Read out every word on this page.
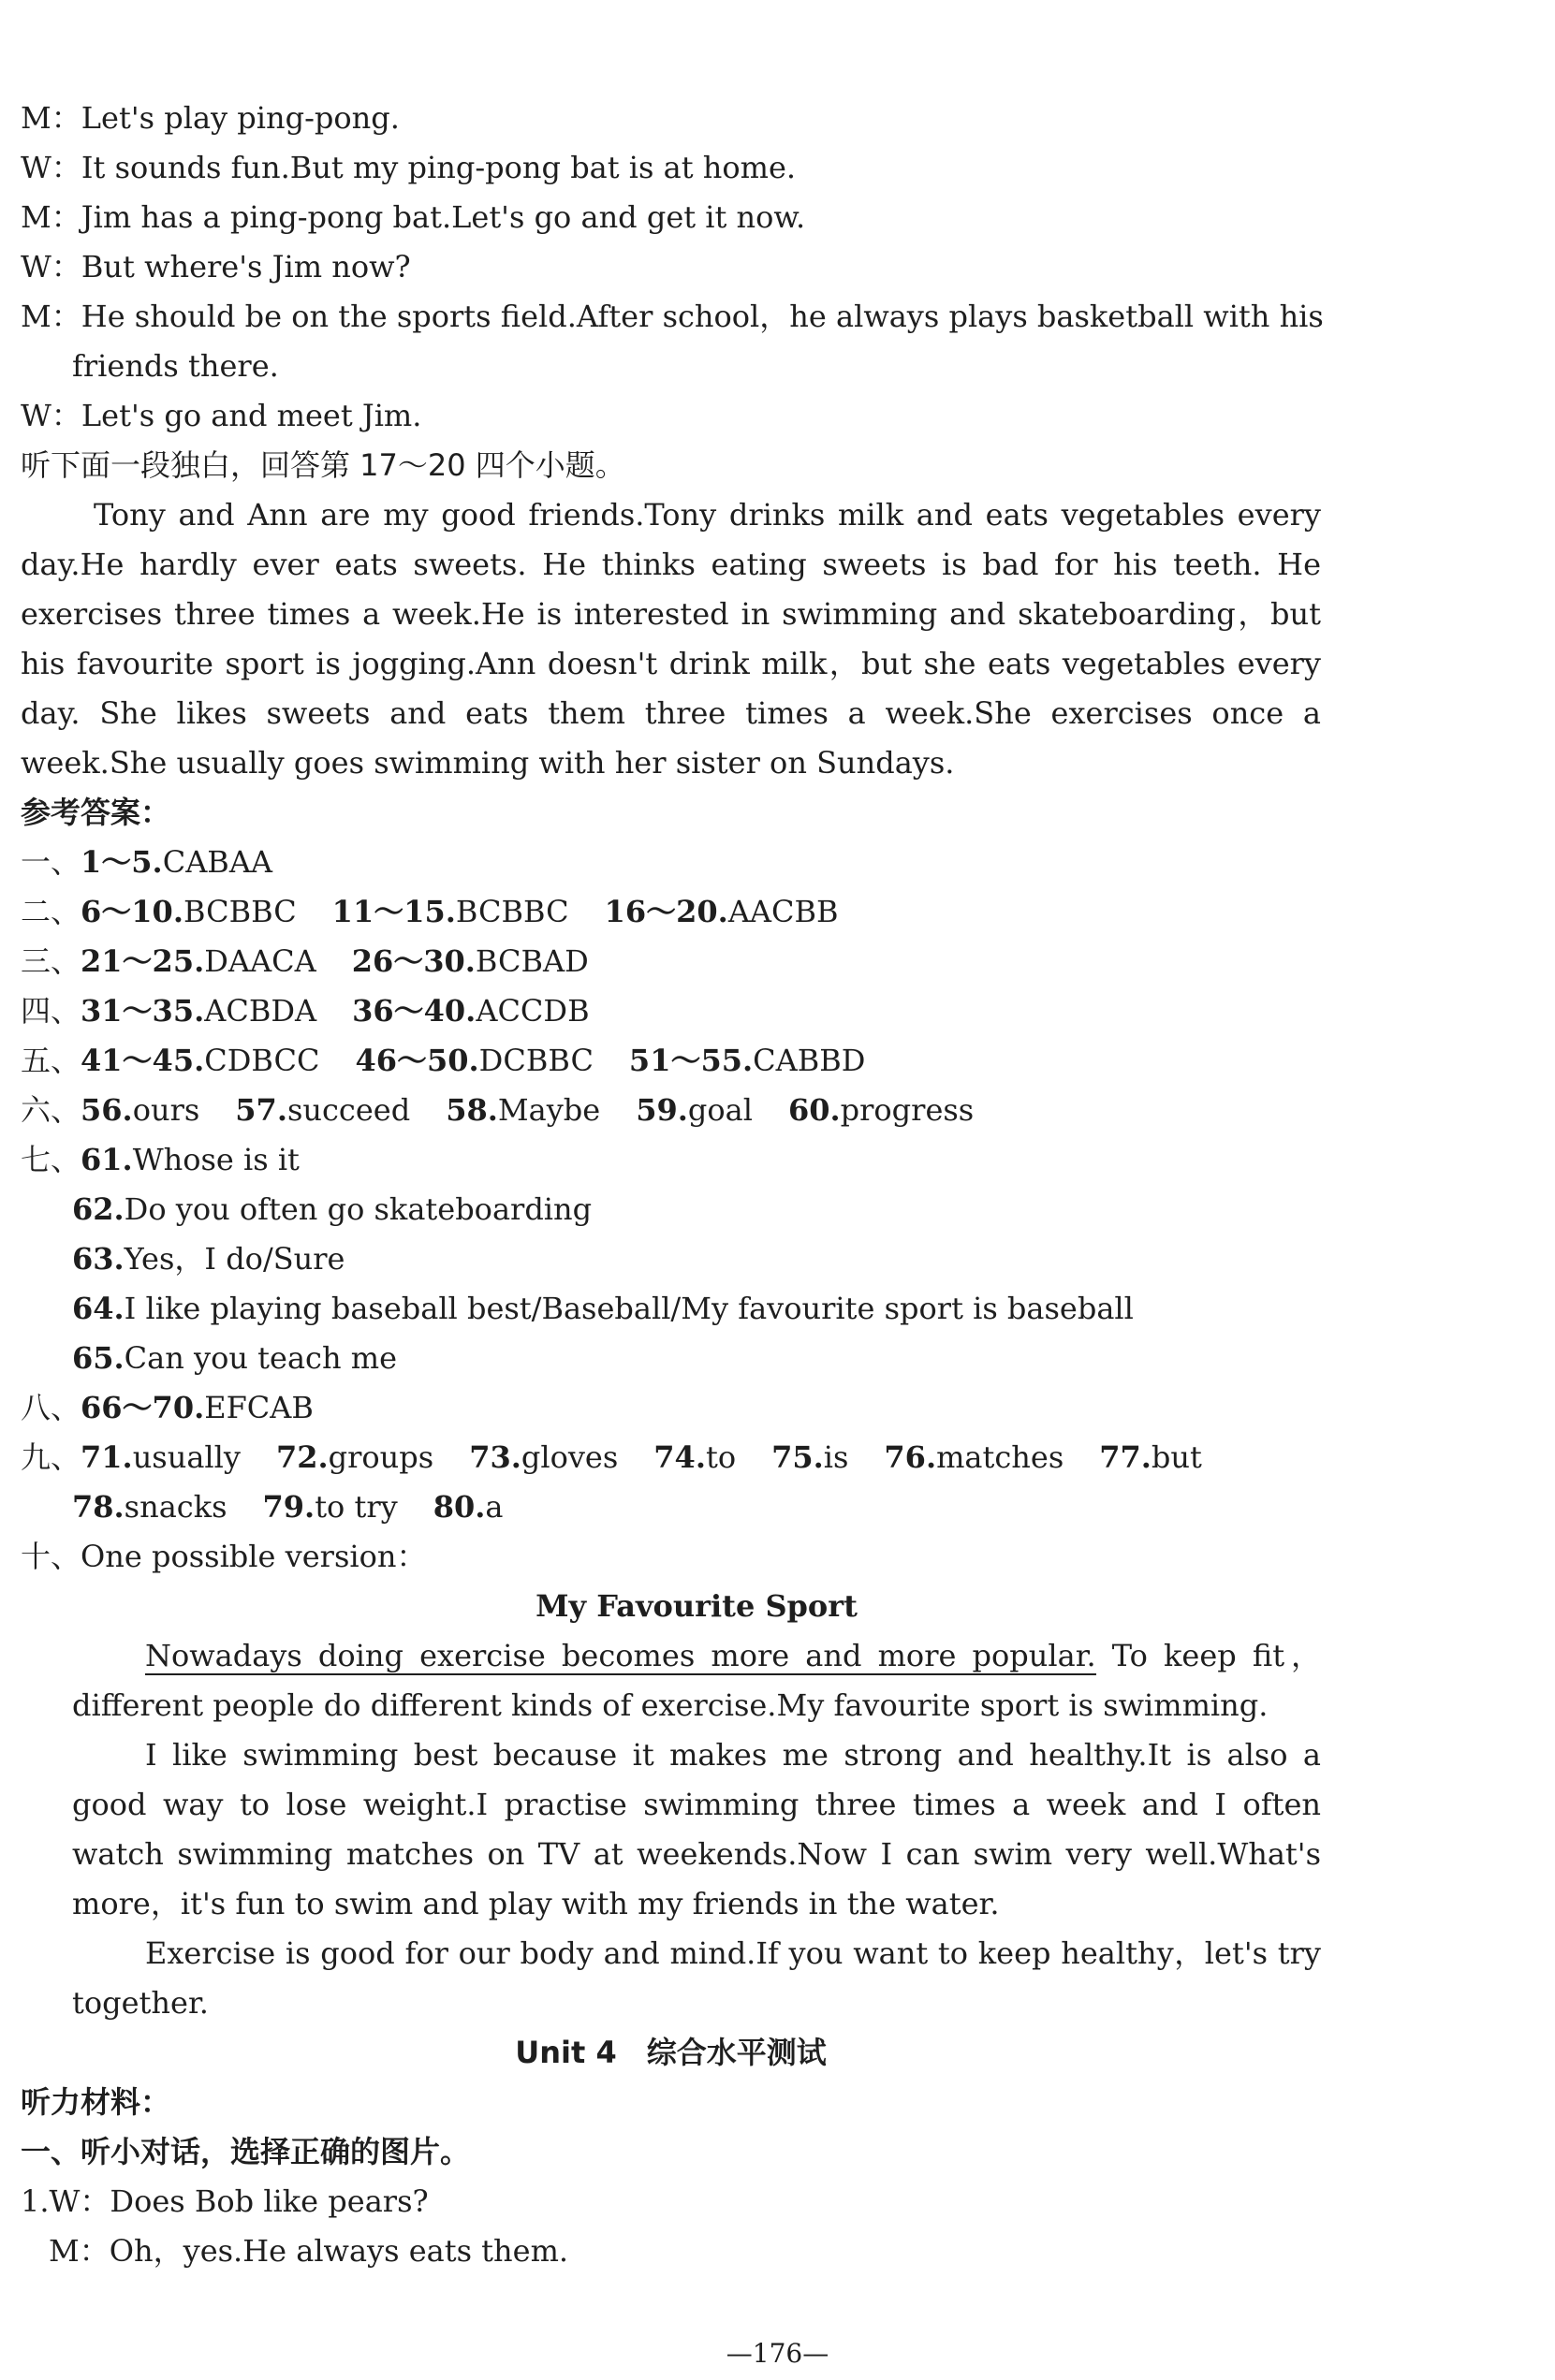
M：Let's play ping-pong.
W：It sounds fun.But my ping-pong bat is at home.
M：Jim has a ping-pong bat.Let's go and get it now.
W：But where's Jim now?
M：He should be on the sports field.After school，he always plays basketball with his
friends there.
W：Let's go and meet Jim.
听下面一段独白，回答第 17～20 四个小题。
Tony and Ann are my good friends.Tony drinks milk and eats vegetables every day.He hardly ever eats sweets. He thinks eating sweets is bad for his teeth. He exercises three times a week.He is interested in swimming and skateboarding，but his favourite sport is jogging.Ann doesn't drink milk，but she eats vegetables every day. She likes sweets and eats them three times a week.She exercises once a week.She usually goes swimming with her sister on Sundays.
参考答案：
一、1～5.CABAA
二、6～10.BCBBC 11～15.BCBBC 16～20.AACBB
三、21～25.DAACA 26～30.BCBAD
四、31～35.ACBDA 36～40.ACCDB
五、41～45.CDBCC 46～50.DCBBC 51～55.CABBD
六、56.ours 57.succeed 58.Maybe 59.goal 60.progress
七、61.Whose is it
62.Do you often go skateboarding
63.Yes，I do/Sure
64.I like playing baseball best/Baseball/My favourite sport is baseball
65.Can you teach me
八、66～70.EFCAB
九、71.usually 72.groups 73.gloves 74.to 75.is 76.matches 77.but
78.snacks 79.to try 80.a
十、One possible version：
My Favourite Sport
Nowadays doing exercise becomes more and more popular. To keep fit，different people do different kinds of exercise.My favourite sport is swimming.
I like swimming best because it makes me strong and healthy.It is also a good way to lose weight.I practise swimming three times a week and I often watch swimming matches on TV at weekends.Now I can swim very well.What's more，it's fun to swim and play with my friends in the water.
Exercise is good for our body and mind.If you want to keep healthy，let's try together.
Unit 4　综合水平测试
听力材料：
一、听小对话，选择正确的图片。
1.W：Does Bob like pears?
M：Oh，yes.He always eats them.
—176—
